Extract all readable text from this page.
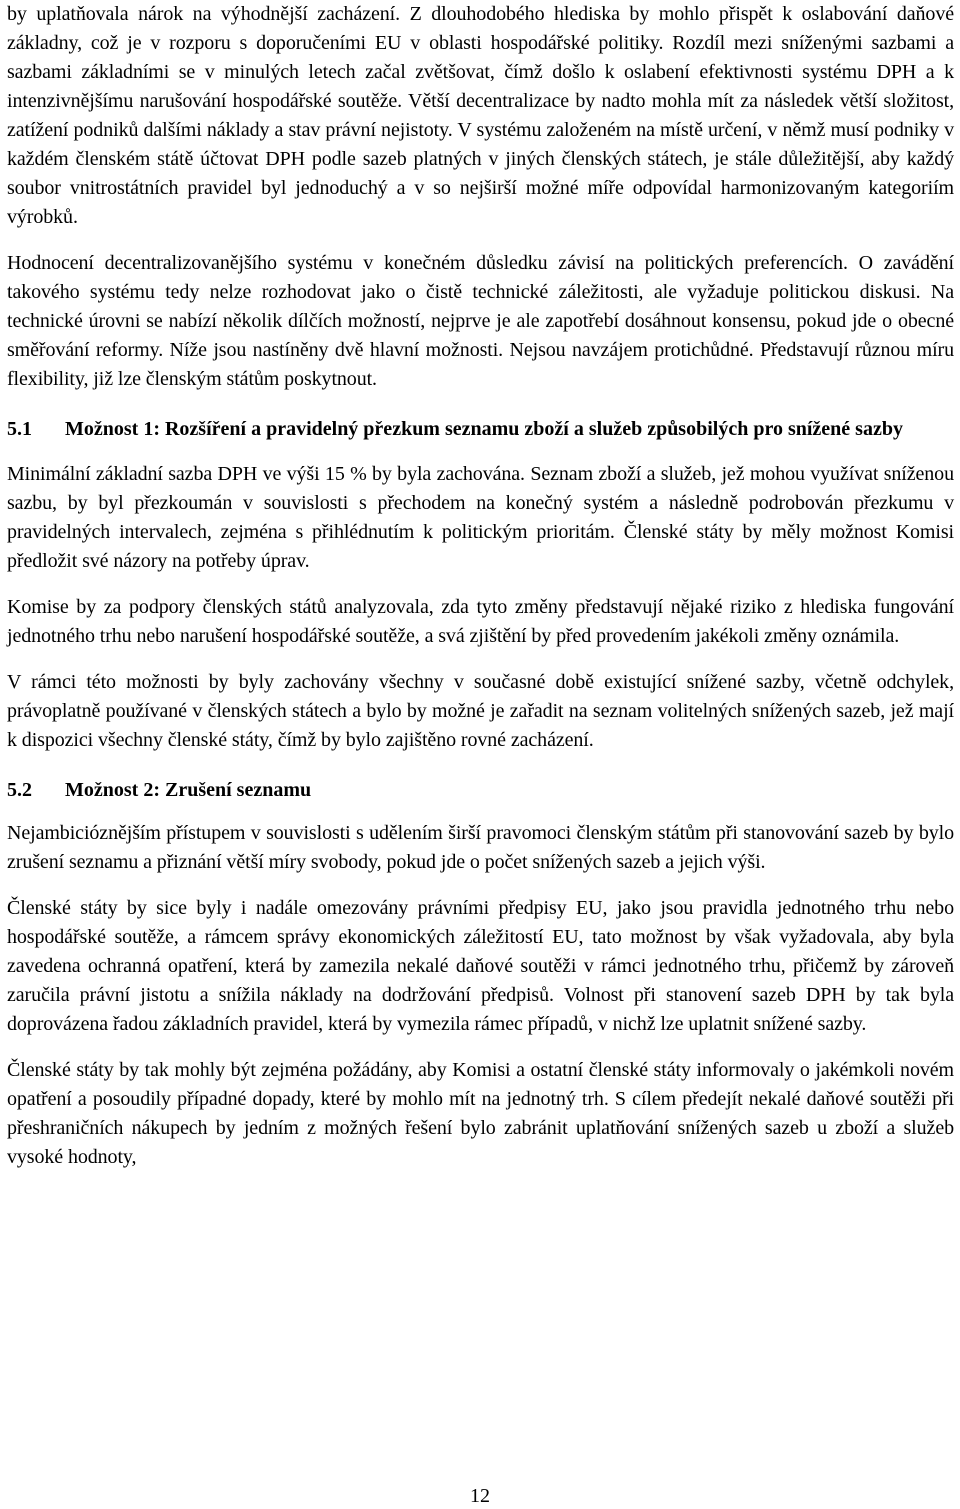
by uplatňovala nárok na výhodnější zacházení. Z dlouhodobého hlediska by mohlo přispět k oslabování daňové základny, což je v rozporu s doporučeními EU v oblasti hospodářské politiky. Rozdíl mezi sníženými sazbami a sazbami základními se v minulých letech začal zvětšovat, čímž došlo k oslabení efektivnosti systému DPH a k intenzivnějšímu narušování hospodářské soutěže. Větší decentralizace by nadto mohla mít za následek větší složitost, zatížení podniků dalšími náklady a stav právní nejistoty. V systému založeném na místě určení, v němž musí podniky v každém členském státě účtovat DPH podle sazeb platných v jiných členských státech, je stále důležitější, aby každý soubor vnitrostátních pravidel byl jednoduchý a v so nejširší možné míře odpovídal harmonizovaným kategoriím výrobků.

Hodnocení decentralizovanějšího systému v konečném důsledku závisí na politických preferencích. O zavádění takového systému tedy nelze rozhodovat jako o čistě technické záležitosti, ale vyžaduje politickou diskusi. Na technické úrovni se nabízí několik dílčích možností, nejprve je ale zapotřebí dosáhnout konsensu, pokud jde o obecné směřování reformy. Níže jsou nastíněny dvě hlavní možnosti. Nejsou navzájem protichůdné. Představují různou míru flexibility, již lze členským státům poskytnout.

5.1	Možnost 1: Rozšíření a pravidelný přezkum seznamu zboží a služeb způsobilých pro snížené sazby

Minimální základní sazba DPH ve výši 15 % by byla zachována. Seznam zboží a služeb, jež mohou využívat sníženou sazbu, by byl přezkoumán v souvislosti s přechodem na konečný systém a následně podrobován přezkumu v pravidelných intervalech, zejména s přihlédnutím k politickým prioritám. Členské státy by měly možnost Komisi předložit své názory na potřeby úprav.

Komise by za podpory členských států analyzovala, zda tyto změny představují nějaké riziko z hlediska fungování jednotného trhu nebo narušení hospodářské soutěže, a svá zjištění by před provedením jakékoli změny oznámila.

V rámci této možnosti by byly zachovány všechny v současné době existující snížené sazby, včetně odchylek, právoplatně používané v členských státech a bylo by možné je zařadit na seznam volitelných snížených sazeb, jež mají k dispozici všechny členské státy, čímž by bylo zajištěno rovné zacházení.

5.2	Možnost 2: Zrušení seznamu

Nejambicióznějším přístupem v souvislosti s udělením širší pravomoci členským státům při stanovování sazeb by bylo zrušení seznamu a přiznání větší míry svobody, pokud jde o počet snížených sazeb a jejich výši.

Členské státy by sice byly i nadále omezovány právními předpisy EU, jako jsou pravidla jednotného trhu nebo hospodářské soutěže, a rámcem správy ekonomických záležitostí EU, tato možnost by však vyžadovala, aby byla zavedena ochranná opatření, která by zamezila nekalé daňové soutěži v rámci jednotného trhu, přičemž by zároveň zaručila právní jistotu a snížila náklady na dodržování předpisů. Volnost při stanovení sazeb DPH by tak byla doprovázena řadou základních pravidel, která by vymezila rámec případů, v nichž lze uplatnit snížené sazby.

Členské státy by tak mohly být zejména požádány, aby Komisi a ostatní členské státy informovaly o jakémkoli novém opatření a posoudily případné dopady, které by mohlo mít na jednotný trh. S cílem předejít nekalé daňové soutěži při přeshraničních nákupech by jedním z možných řešení bylo zabránit uplatňování snížených sazeb u zboží a služeb vysoké hodnoty,

12
